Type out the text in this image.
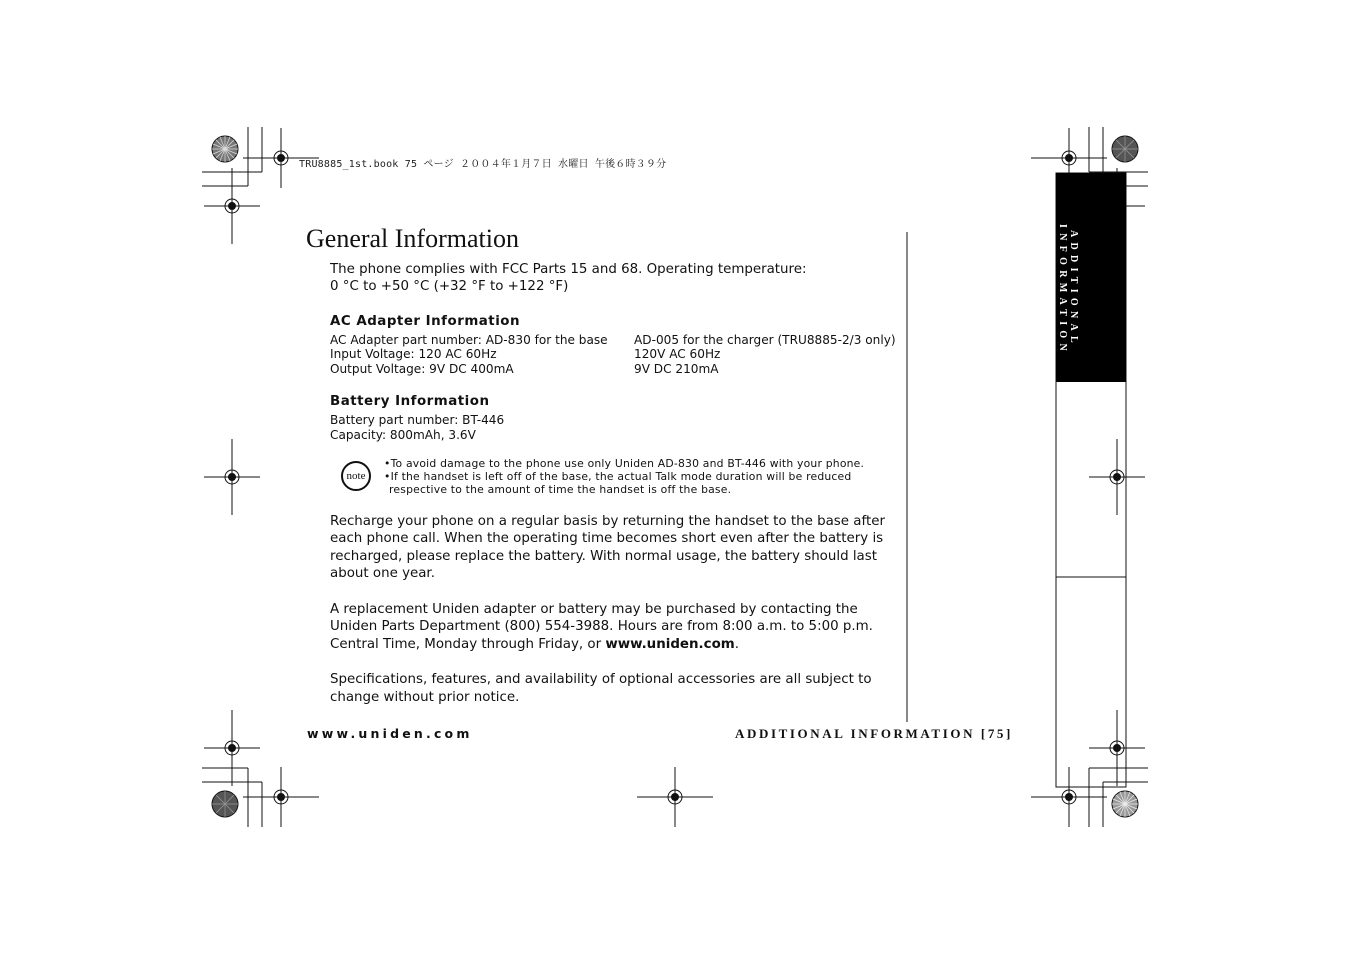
TRU8885_1st.book 75 ページ ２００４年１月７日 水曜日 午後６時３９分
ADDITIONAL
INFORMATION
General Information
The phone complies with FCC Parts 15 and 68. Operating temperature:
0 °C to +50 °C (+32 °F to +122 °F)
AC Adapter Information
AC Adapter part number: AD-830 for the base
Input Voltage: 120 AC 60Hz
Output Voltage: 9V DC 400mA
AD-005 for the charger (TRU8885-2/3 only)
120V AC 60Hz
9V DC 210mA
Battery Information
Battery part number: BT-446
Capacity: 800mAh, 3.6V
note
•To avoid damage to the phone use only Uniden AD-830 and BT-446 with your phone.
•If the handset is left off of the base, the actual Talk mode duration will be reduced
respective to the amount of time the handset is off the base.
Recharge your phone on a regular basis by returning the handset to the base after
each phone call. When the operating time becomes short even after the battery is
recharged, please replace the battery. With normal usage, the battery should last
about one year.
A replacement Uniden adapter or battery may be purchased by contacting the
Uniden Parts Department (800) 554-3988. Hours are from 8:00 a.m. to 5:00 p.m.
Central Time, Monday through Friday, or www.uniden.com.
Specifications, features, and availability of optional accessories are all subject to
change without prior notice.
www.uniden.com	ADDITIONAL INFORMATION [75]
